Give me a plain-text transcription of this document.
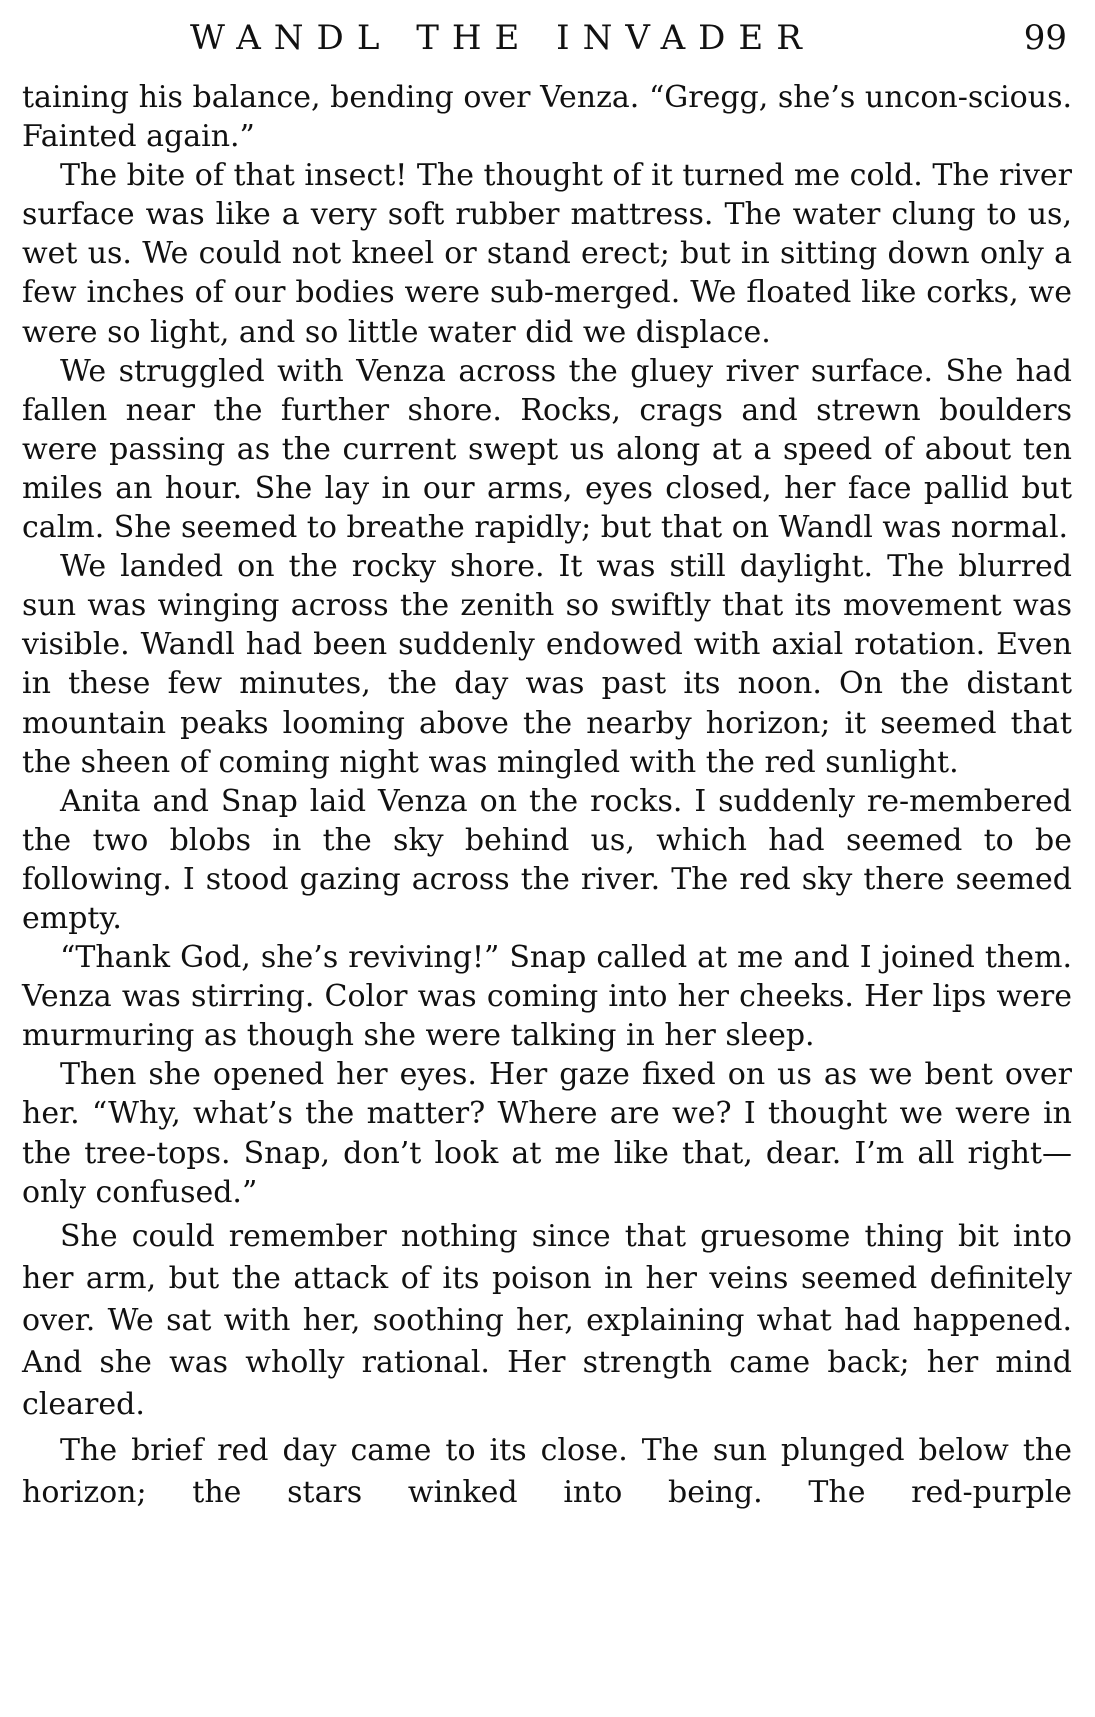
WANDL THE INVADER	99

taining his balance, bending over Venza. “Gregg, she’s uncon-scious. Fainted again.”

The bite of that insect! The thought of it turned me cold. The river surface was like a very soft rubber mattress. The water clung to us, wet us. We could not kneel or stand erect; but in sitting down only a few inches of our bodies were sub-merged. We floated like corks, we were so light, and so little water did we displace.

We struggled with Venza across the gluey river surface. She had fallen near the further shore. Rocks, crags and strewn boulders were passing as the current swept us along at a speed of about ten miles an hour. She lay in our arms, eyes closed, her face pallid but calm. She seemed to breathe rapidly; but that on Wandl was normal.

We landed on the rocky shore. It was still daylight. The blurred sun was winging across the zenith so swiftly that its movement was visible. Wandl had been suddenly endowed with axial rotation. Even in these few minutes, the day was past its noon. On the distant mountain peaks looming above the nearby horizon; it seemed that the sheen of coming night was mingled with the red sunlight.

Anita and Snap laid Venza on the rocks. I suddenly re-membered the two blobs in the sky behind us, which had seemed to be following. I stood gazing across the river. The red sky there seemed empty.

“Thank God, she’s reviving!” Snap called at me and I joined them. Venza was stirring. Color was coming into her cheeks. Her lips were murmuring as though she were talking in her sleep.

Then she opened her eyes. Her gaze fixed on us as we bent over her. “Why, what’s the matter? Where are we? I thought we were in the tree-tops. Snap, don’t look at me like that, dear. I’m all right—only confused.”

She could remember nothing since that gruesome thing bit into her arm, but the attack of its poison in her veins seemed definitely over. We sat with her, soothing her, explaining what had happened. And she was wholly rational. Her strength came back; her mind cleared.

The brief red day came to its close. The sun plunged below the horizon; the stars winked into being. The red-purple
